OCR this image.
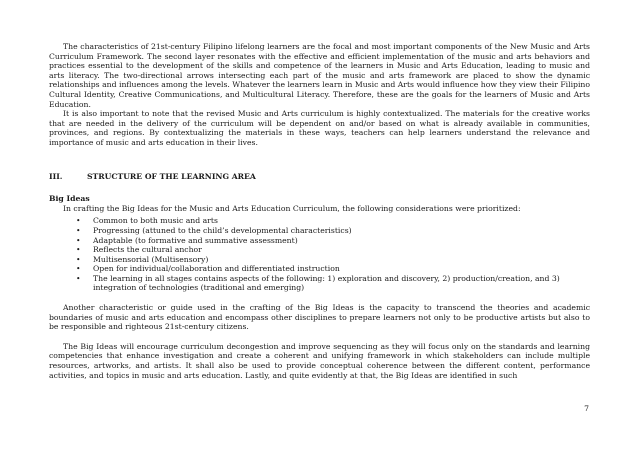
The characteristics of 21st-century Filipino lifelong learners are the focal and most important components of the New Music and Arts Curriculum Framework. The second layer resonates with the effective and efficient implementation of the music and arts behaviors and practices essential to the development of the skills and competence of the learners in Music and Arts Education, leading to music and arts literacy. The two-directional arrows intersecting each part of the music and arts framework are placed to show the dynamic relationships and influences among the levels. Whatever the learners learn in Music and Arts would influence how they view their Filipino Cultural Identity, Creative Communications, and Multicultural Literacy. Therefore, these are the goals for the learners of Music and Arts Education.

It is also important to note that the revised Music and Arts curriculum is highly contextualized. The materials for the creative works that are needed in the delivery of the curriculum will be dependent on and/or based on what is already available in communities, provinces, and regions. By contextualizing the materials in these ways, teachers can help learners understand the relevance and importance of music and arts education in their lives.

III.	STRUCTURE OF THE LEARNING AREA
Big Ideas

In crafting the Big Ideas for the Music and Arts Education Curriculum, the following considerations were prioritized:

•	Common to both music and arts
•	Progressing (attuned to the child’s developmental characteristics)
•	Adaptable (to formative and summative assessment)
•	Reflects the cultural anchor
•	Multisensorial (Multisensory)
•	Open for individual/collaboration and differentiated instruction
•	The learning in all stages contains aspects of the following: 1) exploration and discovery, 2) production/creation, and 3) integration of technologies (traditional and emerging)

Another characteristic or guide used in the crafting of the Big Ideas is the capacity to transcend the theories and academic boundaries of music and arts education and encompass other disciplines to prepare learners not only to be productive artists but also to be responsible and righteous 21st-century citizens.

The Big Ideas will encourage curriculum decongestion and improve sequencing as they will focus only on the standards and learning competencies that enhance investigation and create a coherent and unifying framework in which stakeholders can include multiple resources, artworks, and artists. It shall also be used to provide conceptual coherence between the different content, performance activities, and topics in music and arts education. Lastly, and quite evidently at that, the Big Ideas are identified in such

7
